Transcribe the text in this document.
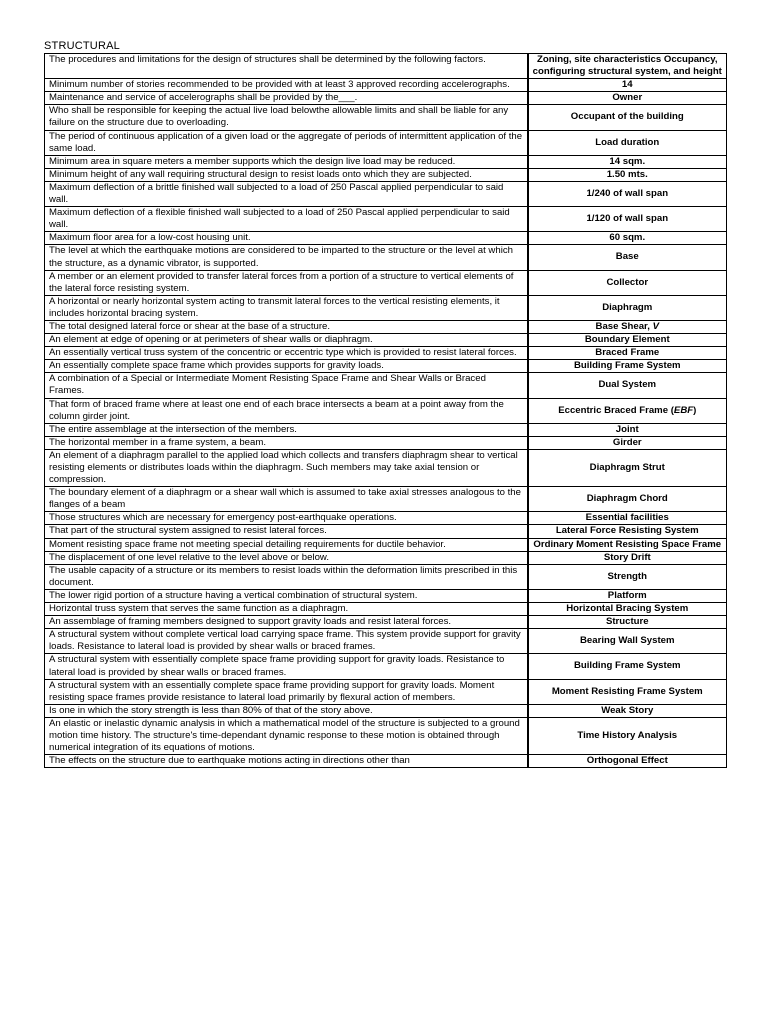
STRUCTURAL
The procedures and limitations for the design of structures shall be determined by the following factors.		Zoning, site characteristics Occupancy, configuring structural system, and height
Minimum number of stories recommended to be provided with at least 3 approved recording accelerographs.		14
Maintenance and service of accelerographs shall be provided by the___.		Owner
Who shall be responsible for keeping the actual live load belowthe allowable limits and shall be liable for any failure on the structure due to overloading.		Occupant of the building
The period of continuous application of a given load or the aggregate of periods of intermittent application of the same load.		Load duration
Minimum area in square meters a member supports which the design live load may be reduced.		14 sqm.
Minimum height of any wall requiring structural design to resist loads onto which they are subjected.		1.50 mts.
Maximum deflection of a brittle finished wall subjected to a load of 250 Pascal applied perpendicular to said wall.		1/240 of wall span
Maximum deflection of a flexible finished wall subjected to a load of 250 Pascal applied perpendicular to said wall.		1/120 of wall span
Maximum floor area for a low-cost housing unit.		60 sqm.
The level at which the earthquake motions are considered to be imparted to the structure or the level at which the structure, as a dynamic vibrator, is supported.		Base
A member or an element provided to transfer lateral forces from a portion of a structure to vertical elements of the lateral force resisting system.		Collector
A horizontal or nearly horizontal system acting to transmit lateral forces to the vertical resisting elements, it includes horizontal bracing system.		Diaphragm
The total designed lateral force or shear at the base of a structure.		Base Shear, V
An element at edge of opening or at perimeters of shear walls or diaphragm.		Boundary Element
An essentially vertical truss system of the concentric or eccentric type which is provided to resist lateral forces.		Braced Frame
An essentially complete space frame which provides supports for gravity loads.		Building Frame System
A combination of a Special or Intermediate Moment Resisting Space Frame and Shear Walls or Braced Frames.		Dual System
That form of braced frame where at least one end of each brace intersects a beam at a point away from the column girder joint.		Eccentric Braced Frame (EBF)
The entire assemblage at the intersection of the members.		Joint
The horizontal member in a frame system, a beam.		Girder
An element of a diaphragm parallel to the applied load which collects and transfers diaphragm shear to vertical resisting elements or distributes loads within the diaphragm. Such members may take axial tension or compression.		Diaphragm Strut
The boundary element of a diaphragm or a shear wall which is assumed to take axial stresses analogous to the flanges of a beam		Diaphragm Chord
Those structures which are necessary for emergency post-earthquake operations.		Essential facilities
That part of the structural system assigned to resist lateral forces.		Lateral Force Resisting System
Moment resisting space frame not meeting special detailing requirements for ductile behavior.		Ordinary Moment Resisting Space Frame
The displacement of one level relative to the level above or below.		Story Drift
The usable capacity of a structure or its members to resist loads within the deformation limits prescribed in this document.		Strength
The lower rigid portion of a structure having a vertical combination of structural system.		Platform
Horizontal truss system that serves the same function as a diaphragm.		Horizontal Bracing System
An assemblage of framing members designed to support gravity loads and resist lateral forces.		Structure
A structural system without complete vertical load carrying space frame. This system provide support for gravity loads. Resistance to lateral load is provided by shear walls or braced frames.		Bearing Wall System
A structural system with essentially complete space frame providing support for gravity loads. Resistance to lateral load is provided by shear walls or braced frames.		Building Frame System
A structural system with an essentially complete space frame providing support for gravity loads. Moment resisting space frames provide resistance to lateral load primarily by flexural action of members.		Moment Resisting Frame System
Is one in which the story strength is less than 80% of that of the story above.		Weak Story
An elastic or inelastic dynamic analysis in which a mathematical model of the structure is subjected to a ground motion time history. The structure's time-dependant dynamic response to these motion is obtained through numerical integration of its equations of motions.		Time History Analysis
The effects on the structure due to earthquake motions acting in directions other than		Orthogonal Effect
